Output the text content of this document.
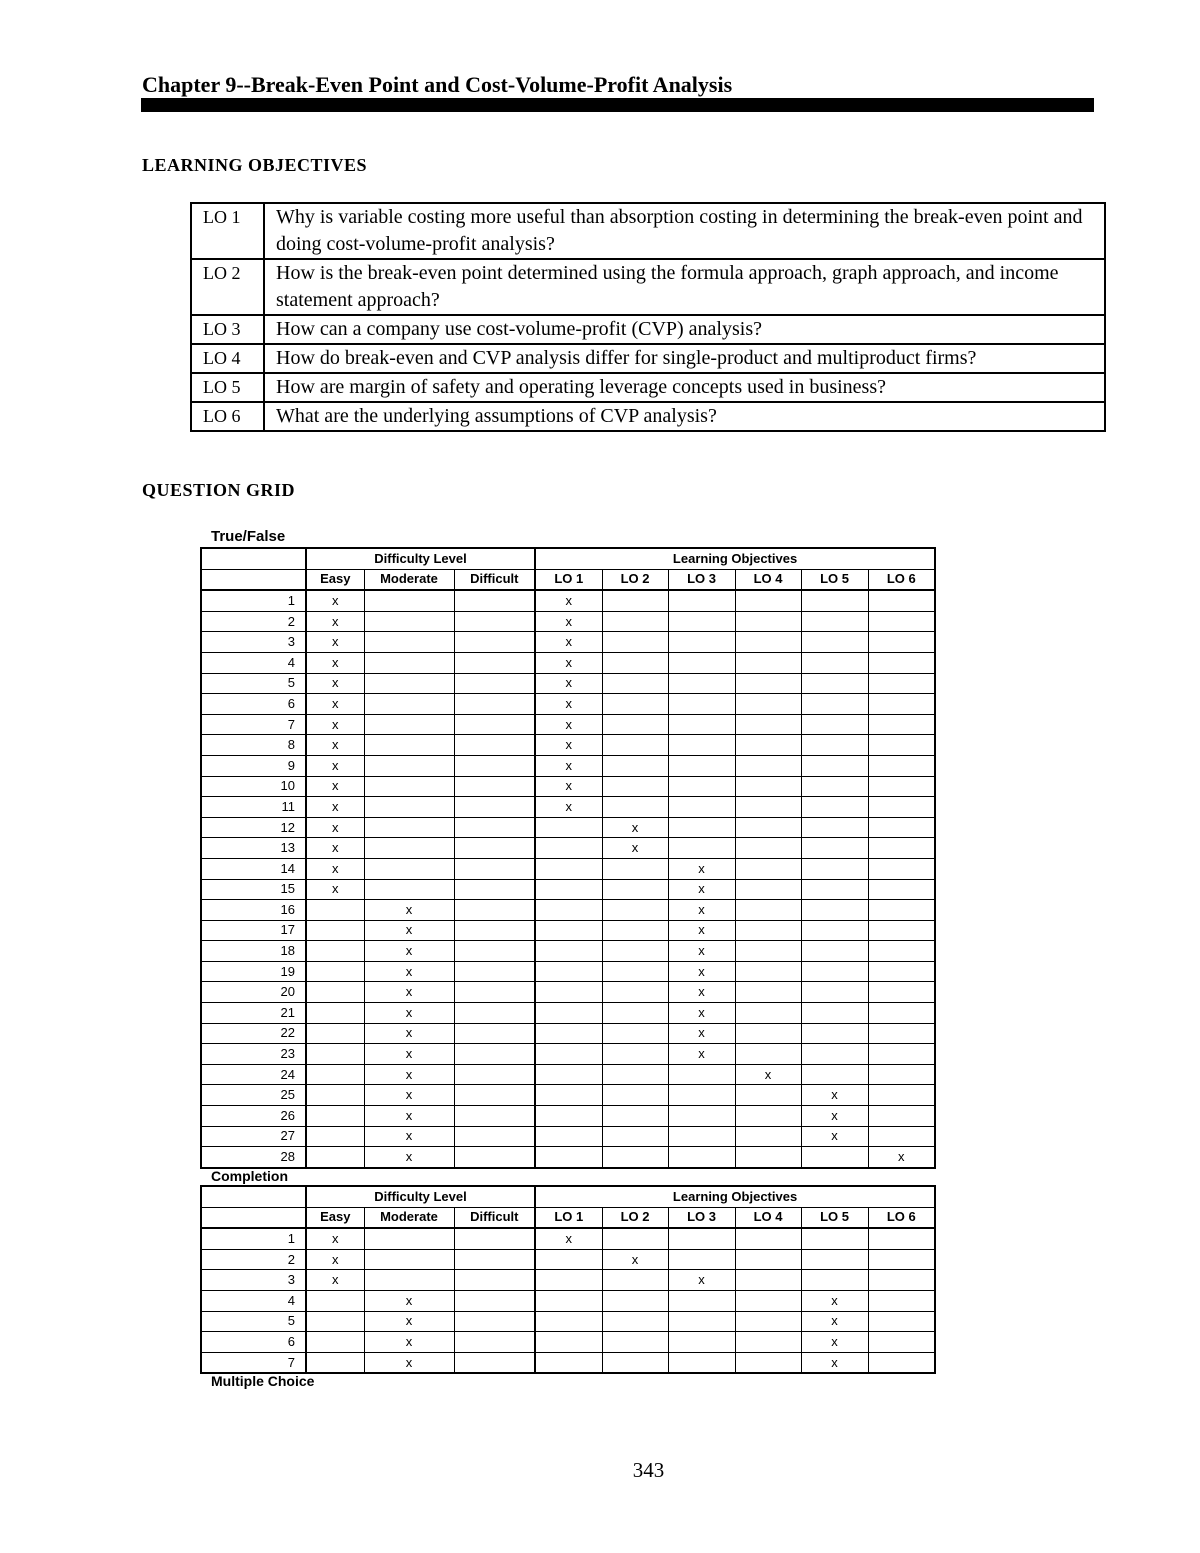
Chapter 9--Break-Even Point and Cost-Volume-Profit Analysis
LEARNING OBJECTIVES
LO 1	Why is variable costing more useful than absorption costing in determining the break-even point and doing cost-volume-profit analysis?
LO 2	How is the break-even point determined using the formula approach, graph approach, and income statement approach?
LO 3	How can a company use cost-volume-profit (CVP) analysis?
LO 4	How do break-even and CVP analysis differ for single-product and multiproduct firms?
LO 5	How are margin of safety and operating leverage concepts used in business?
LO 6	What are the underlying assumptions of CVP analysis?
QUESTION GRID
True/False
	Difficulty Level			Learning Objectives					
	Easy	Moderate	Difficult	LO 1	LO 2	LO 3	LO 4	LO 5	LO 6
1	x			x					
2	x			x					
3	x			x					
4	x			x					
5	x			x					
6	x			x					
7	x			x					
8	x			x					
9	x			x					
10	x			x					
11	x			x					
12	x				x				
13	x				x				
14	x					x			
15	x					x			
16		x				x			
17		x				x			
18		x				x			
19		x				x			
20		x				x			
21		x				x			
22		x				x			
23		x				x			
24		x					x		
25		x						x	
26		x						x	
27		x						x	
28		x							x
Completion
	Difficulty Level			Learning Objectives					
	Easy	Moderate	Difficult	LO 1	LO 2	LO 3	LO 4	LO 5	LO 6
1	x			x					
2	x				x				
3	x					x			
4		x						x	
5		x						x	
6		x						x	
7		x						x	
Multiple Choice
343
